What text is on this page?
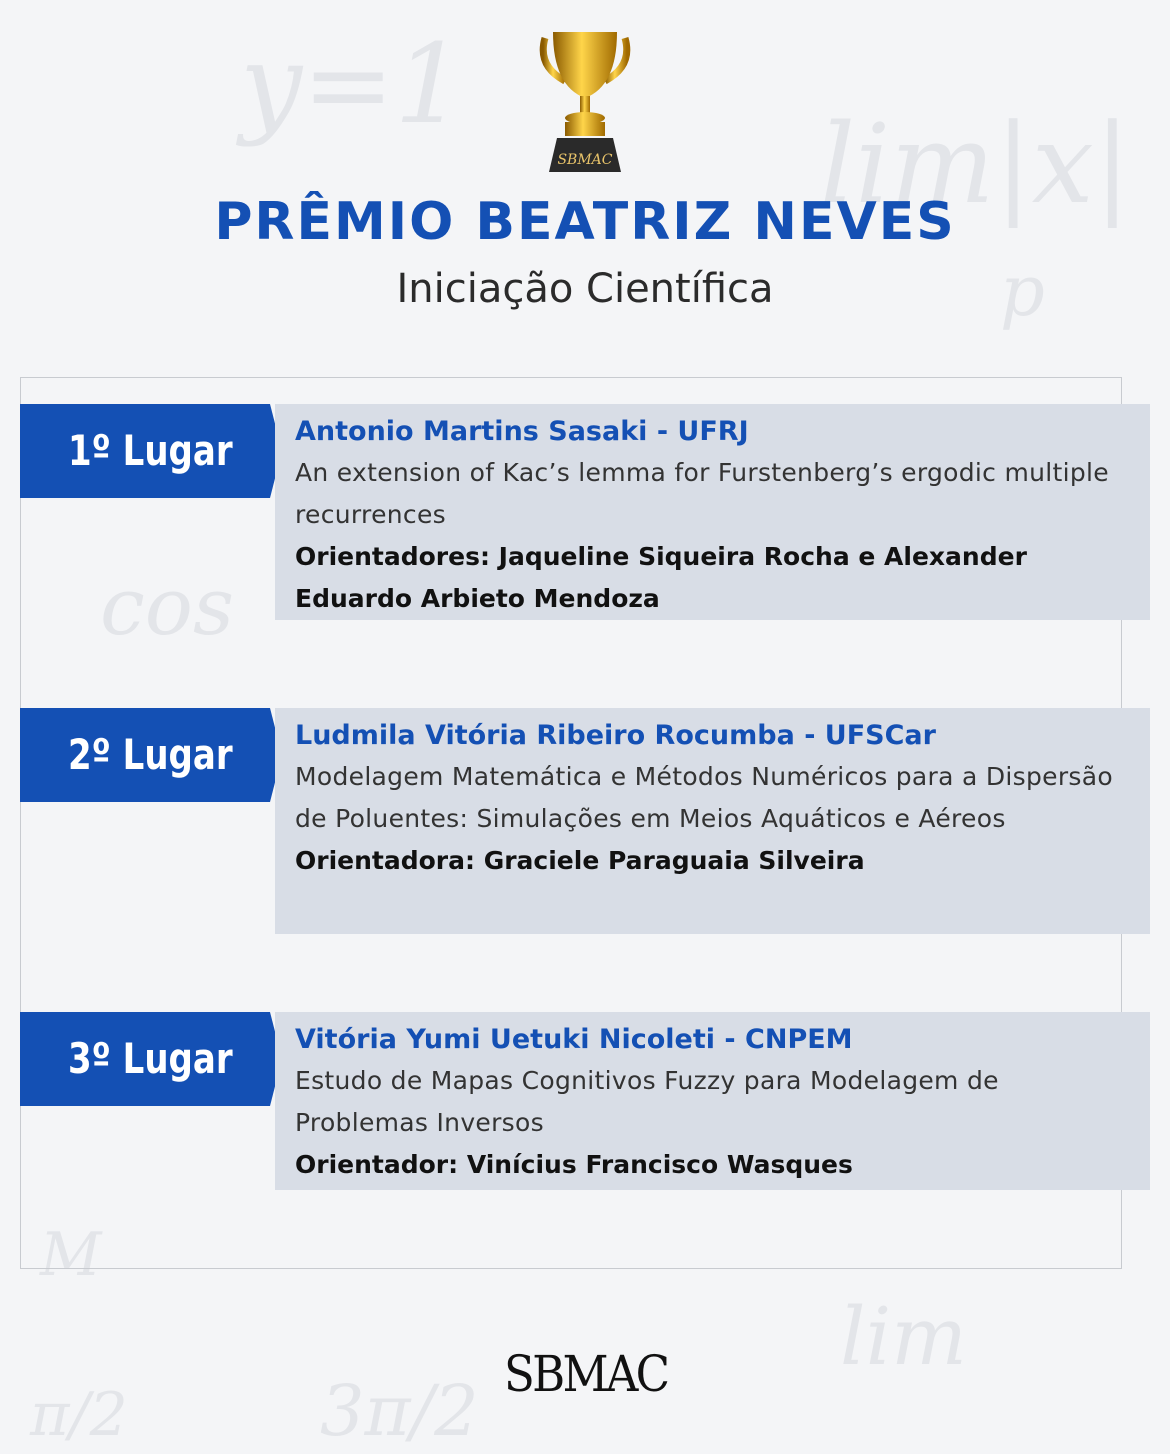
y=1
lim|x|
p
cos
π/2	3π/2
lim
M
SBMAC
PRÊMIO BEATRIZ NEVES
Iniciação Científica
1º Lugar Antonio Martins Sasaki - UFRJ
An extension of Kac’s lemma for Furstenberg’s ergodic multiple recurrences
Orientadores: Jaqueline Siqueira Rocha e Alexander Eduardo Arbieto Mendoza
2º Lugar Ludmila Vitória Ribeiro Rocumba - UFSCar
Modelagem Matemática e Métodos Numéricos para a Dispersão de Poluentes: Simulações em Meios Aquáticos e Aéreos
Orientadora: Graciele Paraguaia Silveira
3º Lugar Vitória Yumi Uetuki Nicoleti - CNPEM
Estudo de Mapas Cognitivos Fuzzy para Modelagem de Problemas Inversos
Orientador: Vinícius Francisco Wasques
SBMAC
